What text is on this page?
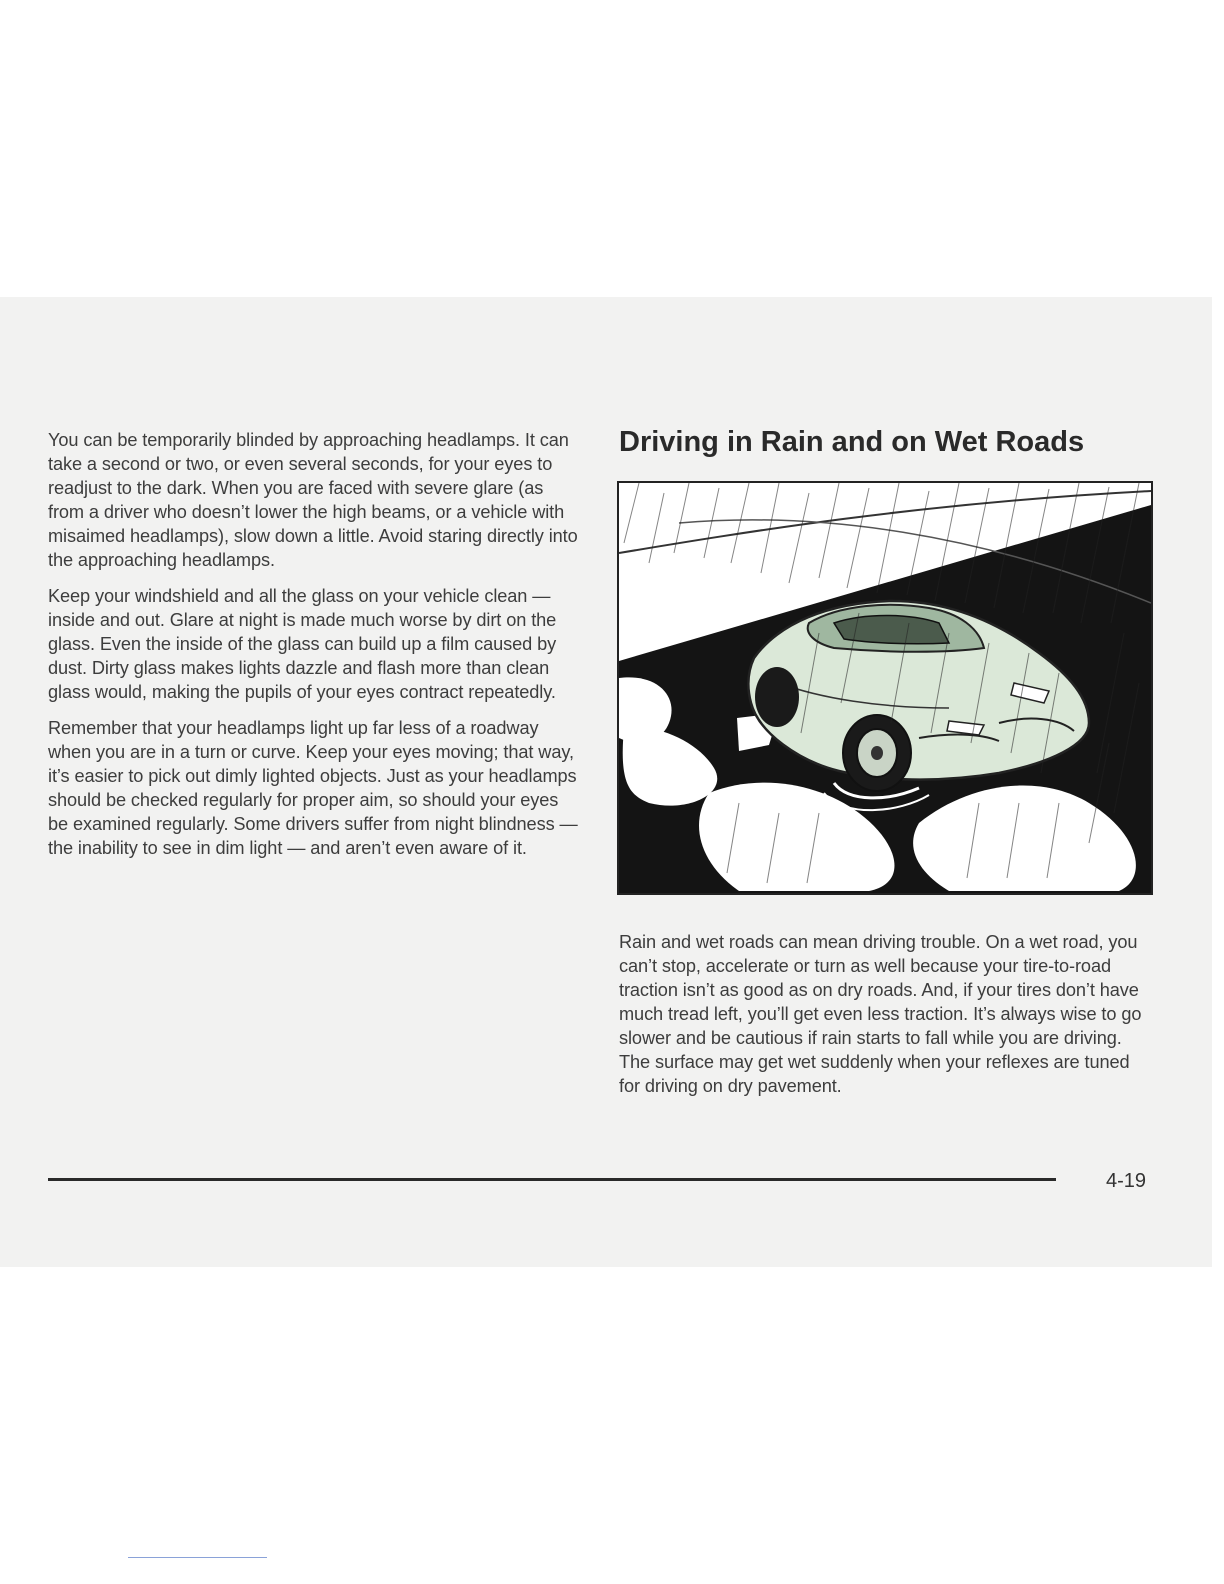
You can be temporarily blinded by approaching headlamps. It can take a second or two, or even several seconds, for your eyes to readjust to the dark. When you are faced with severe glare (as from a driver who doesn’t lower the high beams, or a vehicle with misaimed headlamps), slow down a little. Avoid staring directly into the approaching headlamps.

Keep your windshield and all the glass on your vehicle clean — inside and out. Glare at night is made much worse by dirt on the glass. Even the inside of the glass can build up a film caused by dust. Dirty glass makes lights dazzle and flash more than clean glass would, making the pupils of your eyes contract repeatedly.

Remember that your headlamps light up far less of a roadway when you are in a turn or curve. Keep your eyes moving; that way, it’s easier to pick out dimly lighted objects. Just as your headlamps should be checked regularly for proper aim, so should your eyes be examined regularly. Some drivers suffer from night blindness — the inability to see in dim light — and aren’t even aware of it.

Driving in Rain and on Wet Roads

Rain and wet roads can mean driving trouble. On a wet road, you can’t stop, accelerate or turn as well because your tire-to-road traction isn’t as good as on dry roads. And, if your tires don’t have much tread left, you’ll get even less traction. It’s always wise to go slower and be cautious if rain starts to fall while you are driving. The surface may get wet suddenly when your reflexes are tuned for driving on dry pavement.

4-19
